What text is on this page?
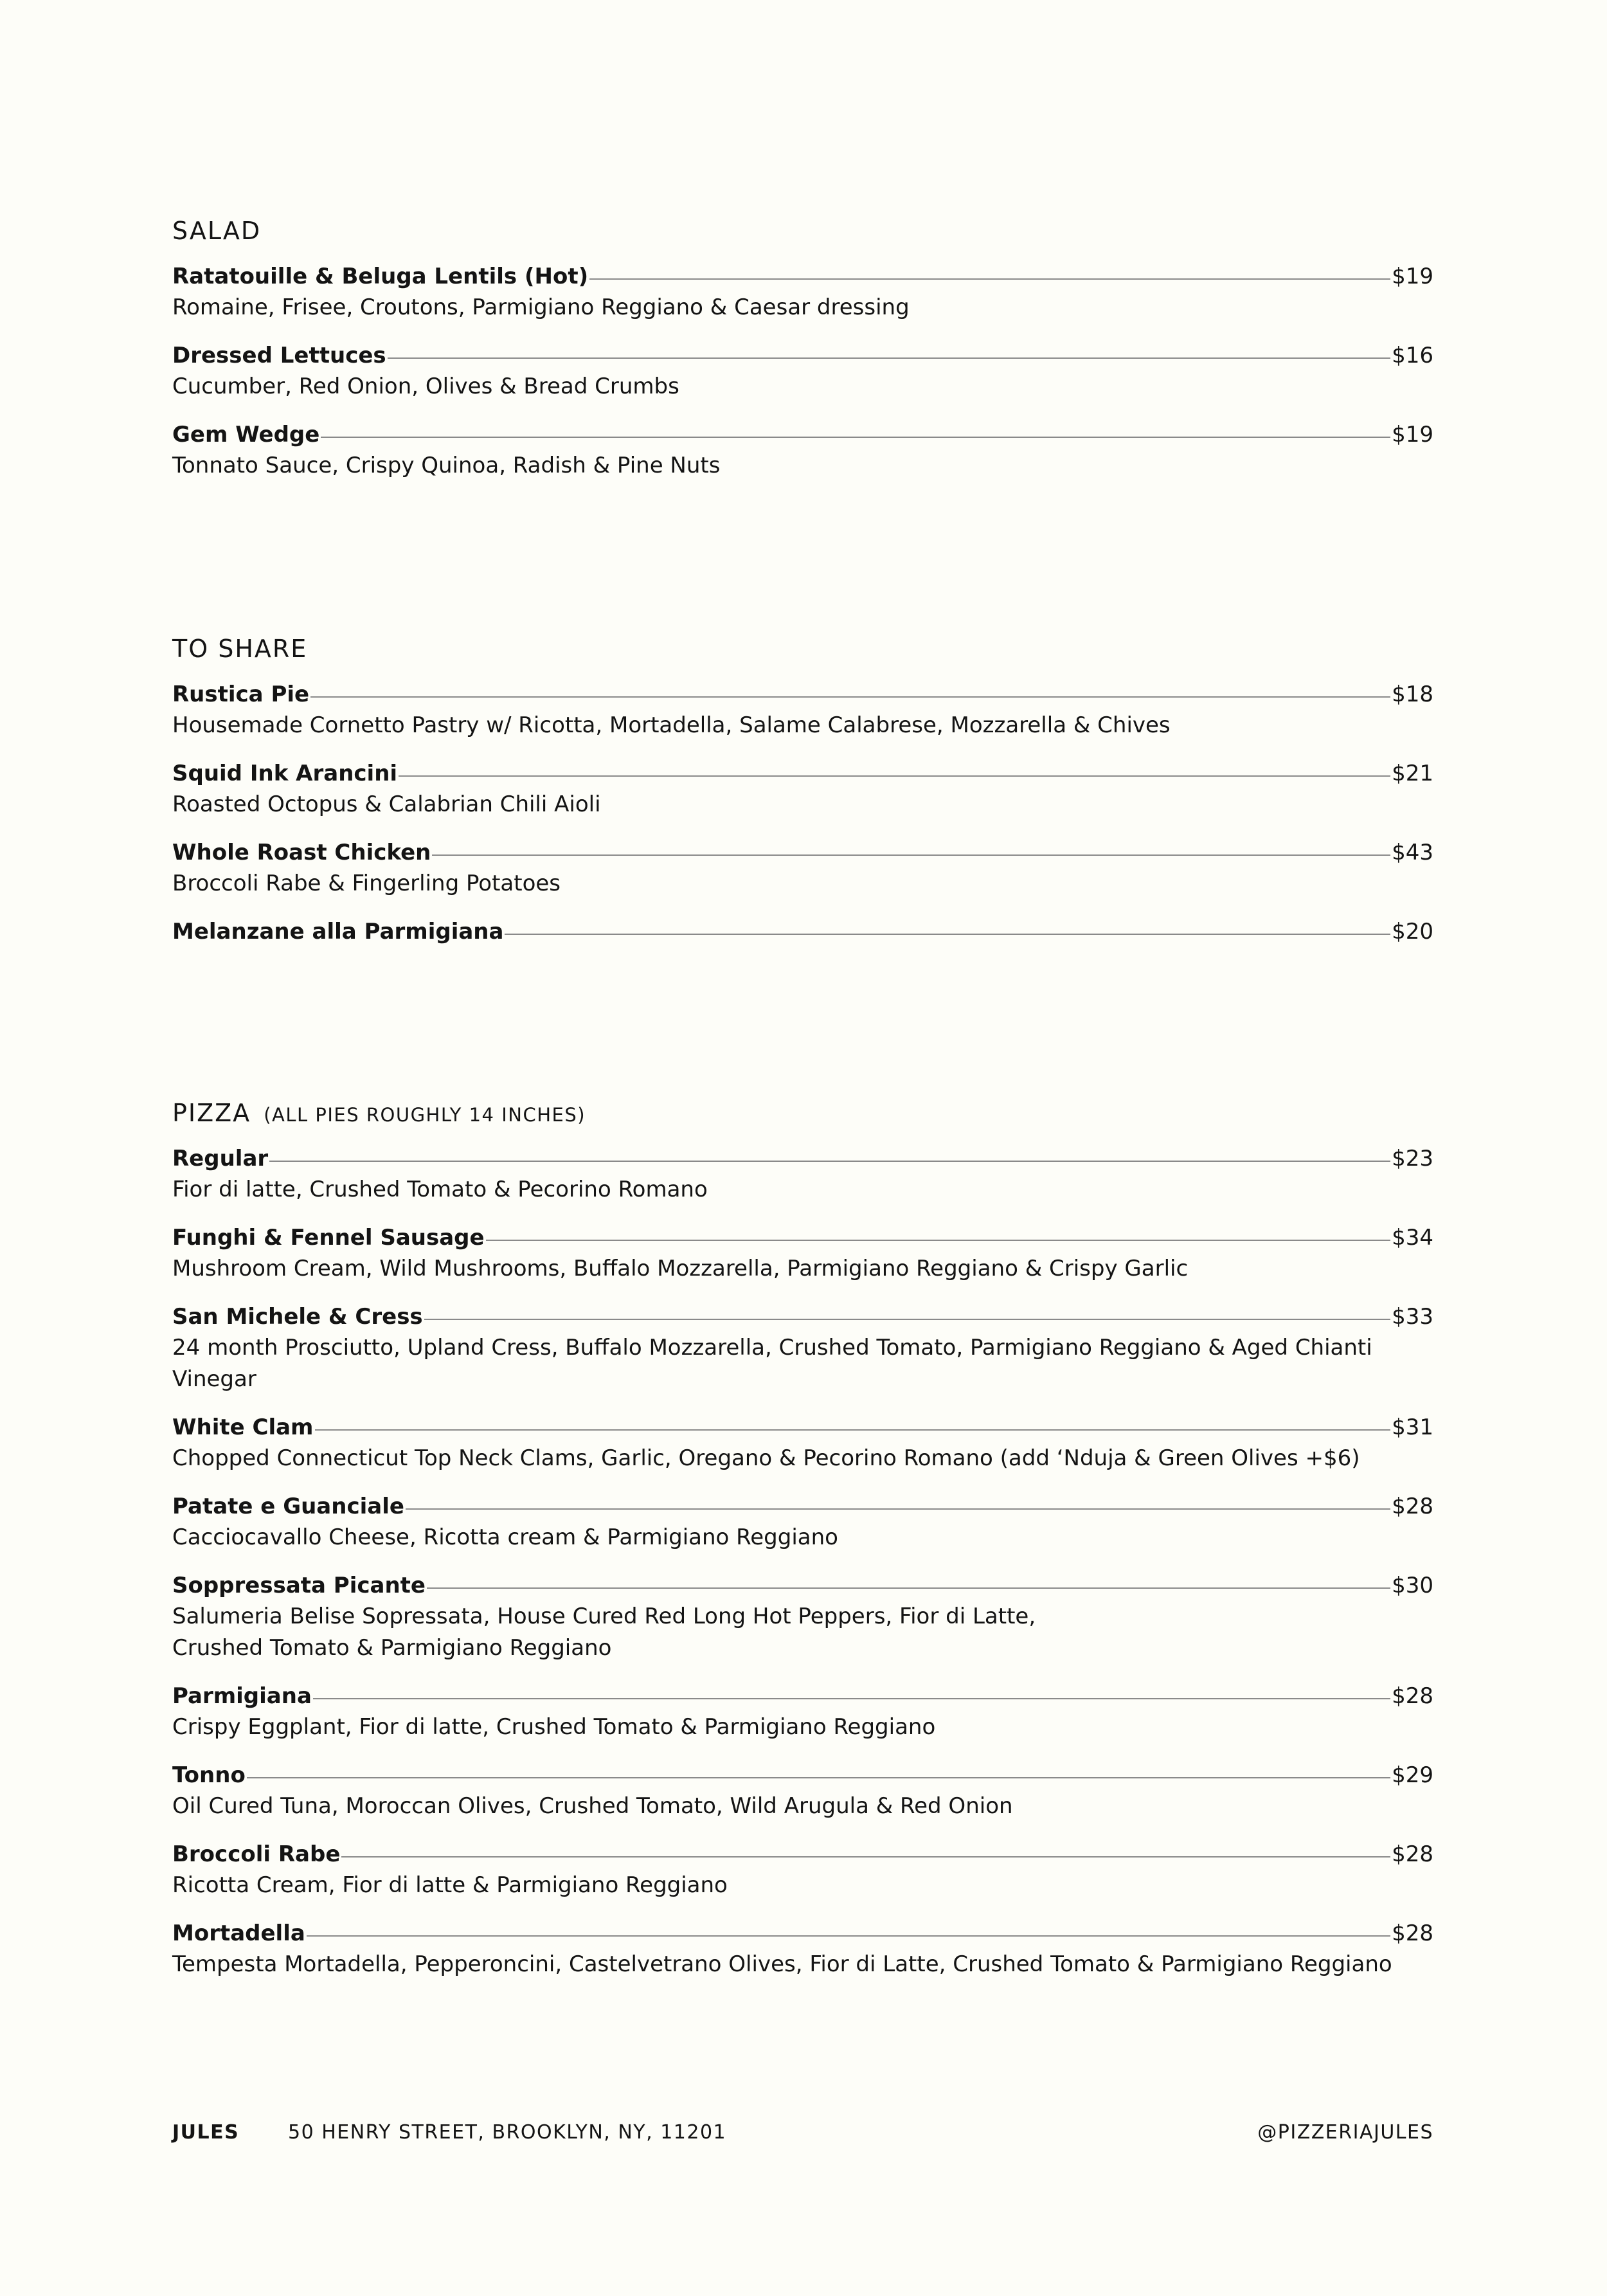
SALAD
Ratatouille & Beluga Lentils (Hot)	$19
Romaine, Frisee, Croutons, Parmigiano Reggiano & Caesar dressing
Dressed Lettuces	$16
Cucumber, Red Onion, Olives & Bread Crumbs
Gem Wedge	$19
Tonnato Sauce, Crispy Quinoa, Radish & Pine Nuts
TO SHARE
Rustica Pie	$18
Housemade Cornetto Pastry w/ Ricotta, Mortadella, Salame Calabrese, Mozzarella & Chives
Squid Ink Arancini	$21
Roasted Octopus & Calabrian Chili Aioli
Whole Roast Chicken	$43
Broccoli Rabe & Fingerling Potatoes
Melanzane alla Parmigiana	$20
PIZZA (ALL PIES ROUGHLY 14 INCHES)
Regular	$23
Fior di latte, Crushed Tomato & Pecorino Romano
Funghi & Fennel Sausage	$34
Mushroom Cream, Wild Mushrooms, Buffalo Mozzarella, Parmigiano Reggiano & Crispy Garlic
San Michele & Cress	$33
24 month Prosciutto, Upland Cress, Buffalo Mozzarella, Crushed Tomato, Parmigiano Reggiano & Aged Chianti
Vinegar
White Clam	$31
Chopped Connecticut Top Neck Clams, Garlic, Oregano & Pecorino Romano (add ‘Nduja & Green Olives +$6)
Patate e Guanciale	$28
Cacciocavallo Cheese, Ricotta cream & Parmigiano Reggiano
Soppressata Picante	$30
Salumeria Belise Sopressata, House Cured Red Long Hot Peppers, Fior di Latte,
Crushed Tomato & Parmigiano Reggiano
Parmigiana	$28
Crispy Eggplant, Fior di latte, Crushed Tomato & Parmigiano Reggiano
Tonno	$29
Oil Cured Tuna, Moroccan Olives, Crushed Tomato, Wild Arugula & Red Onion
Broccoli Rabe	$28
Ricotta Cream, Fior di latte & Parmigiano Reggiano
Mortadella	$28
Tempesta Mortadella, Pepperoncini, Castelvetrano Olives, Fior di Latte, Crushed Tomato & Parmigiano Reggiano
JULES	50 HENRY STREET, BROOKLYN, NY, 11201	@PIZZERIAJULES
